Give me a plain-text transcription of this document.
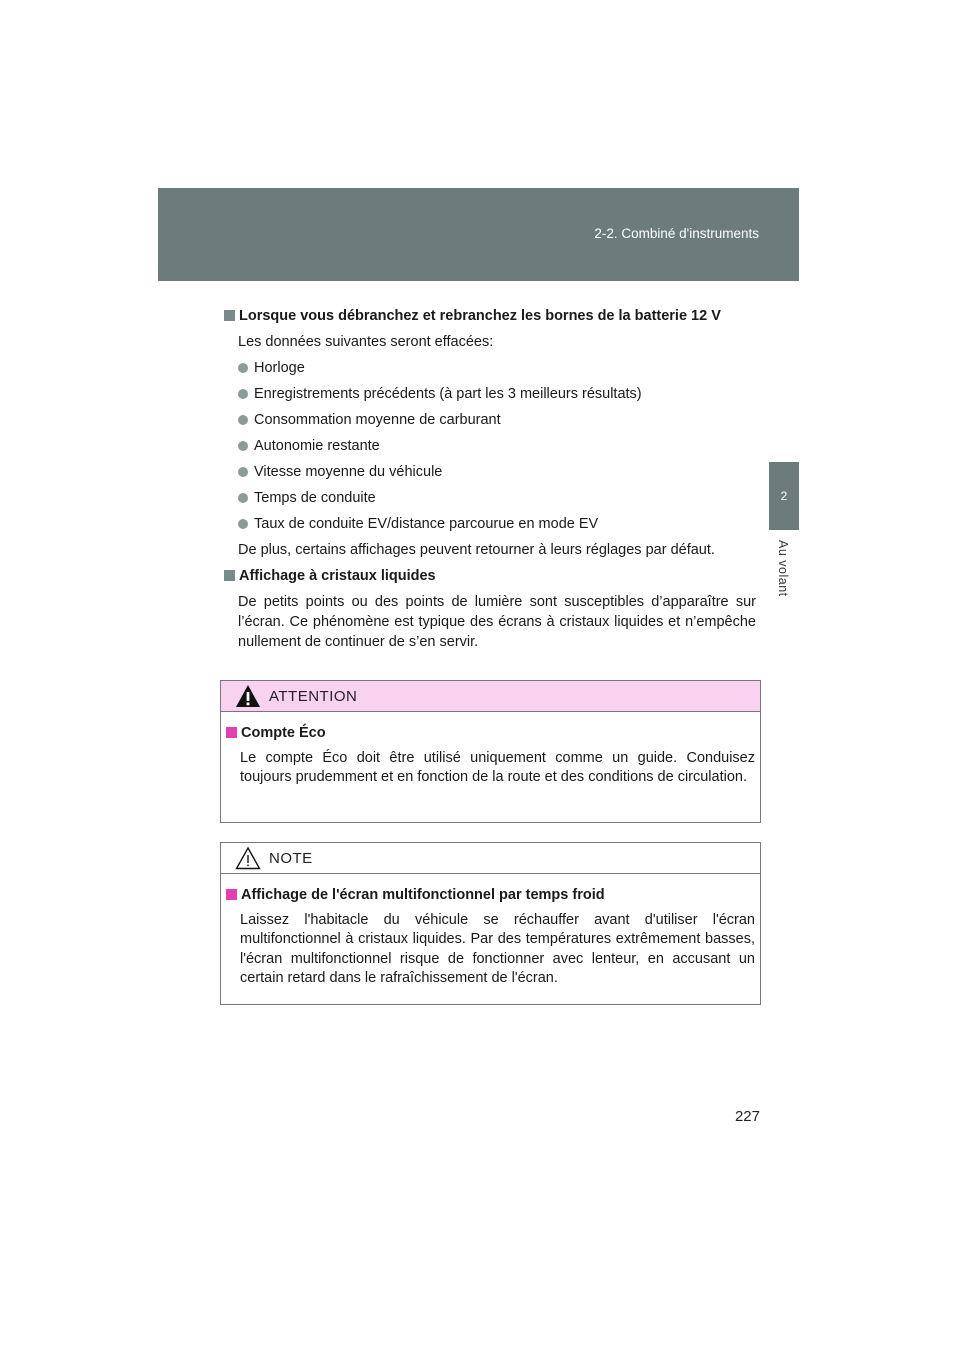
2-2. Combiné d'instruments
2
Au volant
Lorsque vous débranchez et rebranchez les bornes de la batterie 12 V

Les données suivantes seront effacées:

Horloge
Enregistrements précédents (à part les 3 meilleurs résultats)
Consommation moyenne de carburant
Autonomie restante
Vitesse moyenne du véhicule
Temps de conduite
Taux de conduite EV/distance parcourue en mode EV

De plus, certains affichages peuvent retourner à leurs réglages par défaut.

Affichage à cristaux liquides

De petits points ou des points de lumière sont susceptibles d’apparaître sur l’écran. Ce phénomène est typique des écrans à cristaux liquides et n’empêche nullement de continuer de s’en servir.

ATTENTION
Compte Éco

Le compte Éco doit être utilisé uniquement comme un guide. Conduisez toujours prudemment et en fonction de la route et des conditions de circulation.

NOTE
Affichage de l'écran multifonctionnel par temps froid

Laissez l'habitacle du véhicule se réchauffer avant d'utiliser l'écran multifonctionnel à cristaux liquides. Par des températures extrêmement basses, l'écran multifonctionnel risque de fonctionner avec lenteur, en accusant un certain retard dans le rafraîchissement de l'écran.

227
